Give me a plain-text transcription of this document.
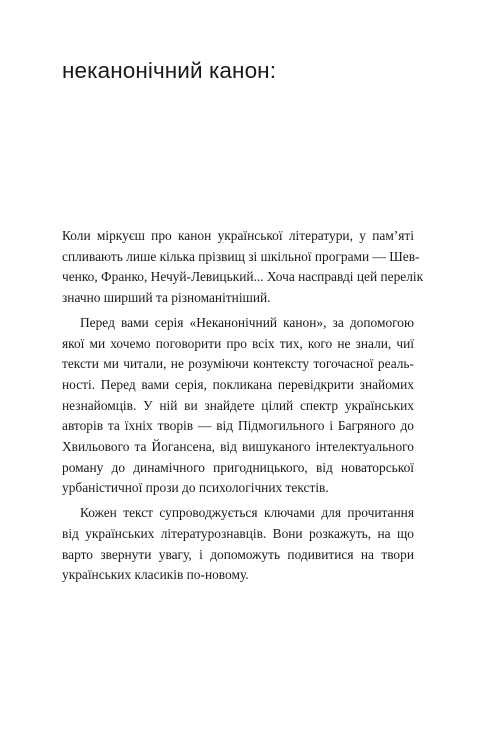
неканонічний канон:

Коли міркуєш про канон української літератури, у пам’яті
спливають лише кілька прізвищ зі шкільної програми — Шев-
ченко, Франко, Нечуй-Левицький... Хоча насправді цей перелік
значно ширший та різноманітніший.

Перед вами серія «Неканонічний канон», за допомогою
якої ми хочемо поговорити про всіх тих, кого не знали, чиї
тексти ми читали, не розуміючи контексту тогочасної реаль-
ності. Перед вами серія, покликана перевідкрити знайомих
незнайомців. У ній ви знайдете цілий спектр українських
авторів та їхніх творів — від Підмогильного і Багряного до
Хвильового та Йогансена, від вишуканого інтелектуального
роману до динамічного пригодницького, від новаторської
урбаністичної прози до психологічних текстів.

Кожен текст супроводжується ключами для прочитання
від українських літературознавців. Вони розкажуть, на що
варто звернути увагу, і допоможуть подивитися на твори
українських класиків по-новому.
